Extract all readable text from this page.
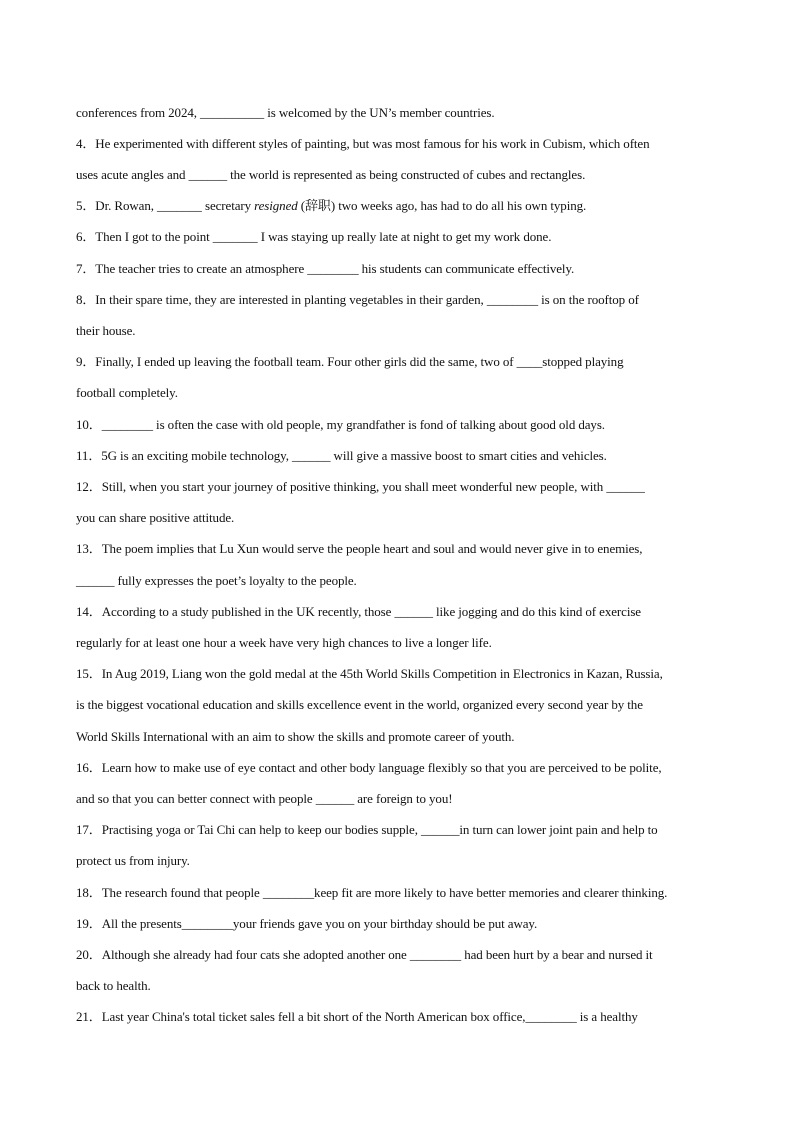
conferences from 2024, __________ is welcomed by the UN’s member countries.
4．He experimented with different styles of painting, but was most famous for his work in Cubism, which often
uses acute angles and ______ the world is represented as being constructed of cubes and rectangles.
5．Dr. Rowan, _______ secretary resigned (辞职) two weeks ago, has had to do all his own typing.
6．Then I got to the point _______ I was staying up really late at night to get my work done.
7．The teacher tries to create an atmosphere ________ his students can communicate effectively.
8．In their spare time, they are interested in planting vegetables in their garden, ________ is on the rooftop of
their house.
9．Finally, I ended up leaving the football team. Four other girls did the same, two of ____stopped playing
football completely.
10．________ is often the case with old people, my grandfather is fond of talking about good old days.
11．5G is an exciting mobile technology, ______ will give a massive boost to smart cities and vehicles.
12．Still, when you start your journey of positive thinking, you shall meet wonderful new people, with ______
you can share positive attitude.
13．The poem implies that Lu Xun would serve the people heart and soul and would never give in to enemies,
______ fully expresses the poet’s loyalty to the people.
14．According to a study published in the UK recently, those ______ like jogging and do this kind of exercise
regularly for at least one hour a week have very high chances to live a longer life.
15．In Aug 2019, Liang won the gold medal at the 45th World Skills Competition in Electronics in Kazan, Russia,
is the biggest vocational education and skills excellence event in the world, organized every second year by the
World Skills International with an aim to show the skills and promote career of youth.
16．Learn how to make use of eye contact and other body language flexibly so that you are perceived to be polite,
and so that you can better connect with people ______ are foreign to you!
17．Practising yoga or Tai Chi can help to keep our bodies supple, ______in turn can lower joint pain and help to
protect us from injury.
18．The research found that people ________keep fit are more likely to have better memories and clearer thinking.
19．All the presents________your friends gave you on your birthday should be put away.
20．Although she already had four cats she adopted another one ________ had been hurt by a bear and nursed it
back to health.
21．Last year China's total ticket sales fell a bit short of the North American box office,________ is a healthy
